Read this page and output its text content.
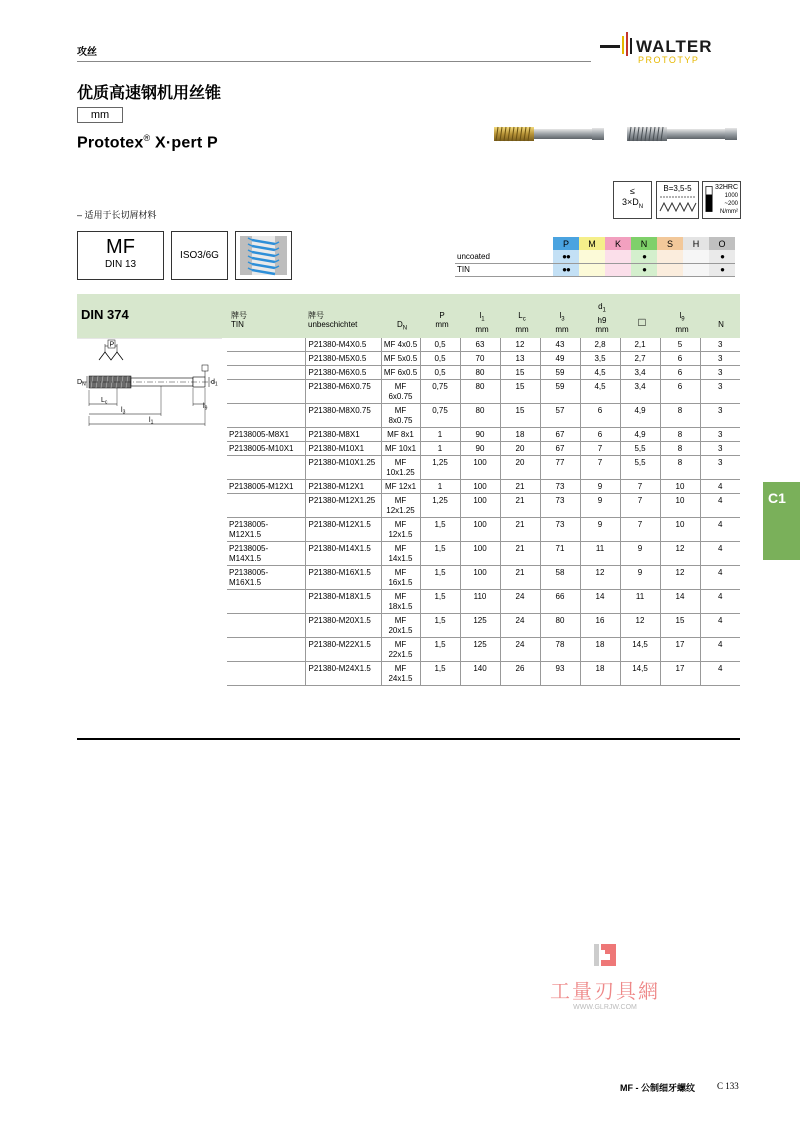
攻丝	WALTER
PROTOTYP
优质高速钢机用丝锥
mm
Prototex® X·pert P
≤
$3\times D_N$
B=3,5-5	32HRC
1000
~200
N/mm²
– 适用于长切屑材料
MF
DIN 13
ISO3/6G
	P	M	K	N	S	H	O
uncoated	●●			●			●
TIN	●●			●			●
DIN 374	牌号
TIN
牌号
unbeschichtet	$D_N$
P
mm
$l_1$
mm
$L_c$
mm
$l_3$
mm
$d_1$
h9
mm
□	$l_9$
mm
N
P
$D_N$	$d_1$
$L_c$
$l_3$
$l_9$
$l_1$
	P21380-M4X0.5	MF 4x0.5	0,5	63	12	43	2,8	2,1	5	3
	P21380-M5X0.5	MF 5x0.5	0,5	70	13	49	3,5	2,7	6	3
	P21380-M6X0.5	MF 6x0.5	0,5	80	15	59	4,5	3,4	6	3
	P21380-M6X0.75	MF
6x0.75	0,75	80	15	59	4,5	3,4	6	3
	P21380-M8X0.75	MF
8x0.75	0,75	80	15	57	6	4,9	8	3
P2138005-M8X1	P21380-M8X1	MF 8x1	1	90	18	67	6	4,9	8	3
P2138005-M10X1	P21380-M10X1	MF 10x1	1	90	20	67	7	5,5	8	3
	P21380-M10X1.25	MF
10x1.25	1,25	100	20	77	7	5,5	8	3
P2138005-M12X1	P21380-M12X1	MF 12x1	1	100	21	73	9	7	10	4
	P21380-M12X1.25	MF
12x1.25	1,25	100	21	73	9	7	10	4
P2138005-
M12X1.5	P21380-M12X1.5	MF
12x1.5	1,5	100	21	73	9	7	10	4
P2138005-
M14X1.5	P21380-M14X1.5	MF
14x1.5	1,5	100	21	71	11	9	12	4
P2138005-
M16X1.5	P21380-M16X1.5	MF
16x1.5	1,5	100	21	58	12	9	12	4
	P21380-M18X1.5	MF
18x1.5	1,5	110	24	66	14	11	14	4
	P21380-M20X1.5	MF
20x1.5	1,5	125	24	80	16	12	15	4
	P21380-M22X1.5	MF
22x1.5	1,5	125	24	78	18	14,5	17	4
	P21380-M24X1.5	MF
24x1.5	1,5	140	26	93	18	14,5	17	4
C1
工量刃具網
WWW.GLRJW.COM
MF - 公制细牙螺纹 C 133
